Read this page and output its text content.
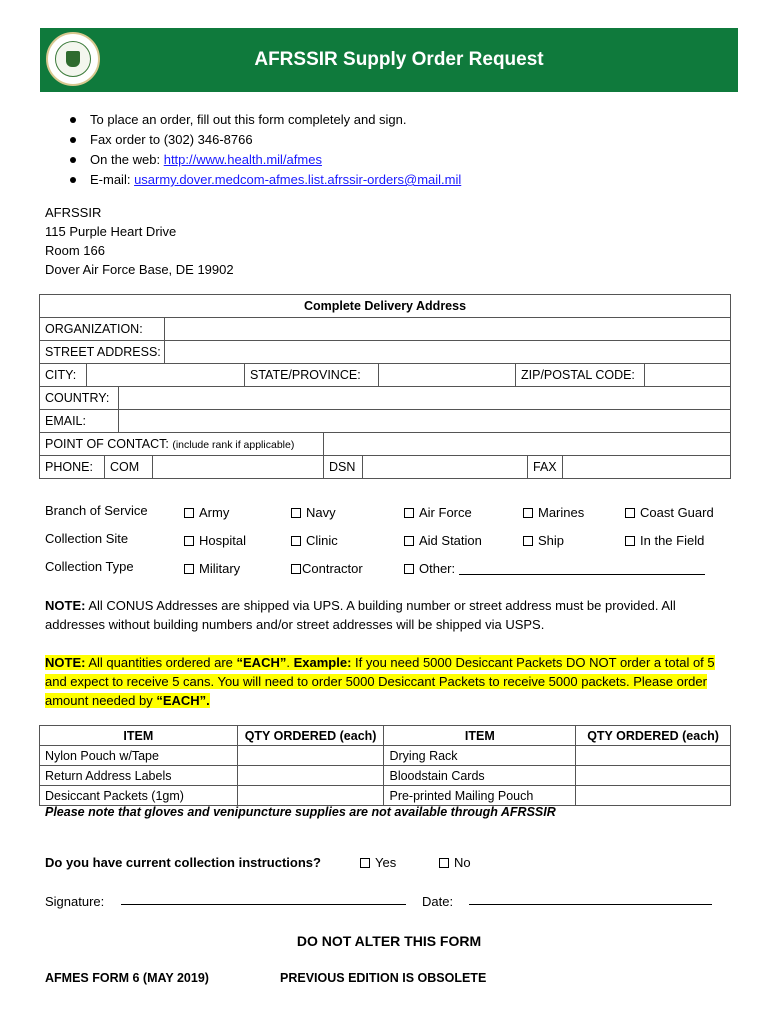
AFRSSIR Supply Order Request
To place an order, fill out this form completely and sign.
Fax order to (302) 346-8766
On the web: http://www.health.mil/afmes
E-mail: usarmy.dover.medcom-afmes.list.afrssir-orders@mail.mil
AFRSSIR
115 Purple Heart Drive
Room 166
Dover Air Force Base, DE 19902
Complete Delivery Address
ORGANIZATION:
STREET ADDRESS:
CITY:	STATE/PROVINCE:	ZIP/POSTAL CODE:
COUNTRY:
EMAIL:
POINT OF CONTACT: (include rank if applicable)
PHONE:	COM	DSN	FAX
Branch of Service	Army	Navy	Air Force	Marines	Coast Guard
Collection Site	Hospital	Clinic	Aid Station	Ship	In the Field
Collection Type	Military	Contractor	Other:
NOTE: All CONUS Addresses are shipped via UPS. A building number or street address must be provided. All addresses without building numbers and/or street addresses will be shipped via USPS.
NOTE: All quantities ordered are “EACH”. Example: If you need 5000 Desiccant Packets DO NOT order a total of 5 and expect to receive 5 cans. You will need to order 5000 Desiccant Packets to receive 5000 packets. Please order amount needed by “EACH”.
ITEM	QTY ORDERED (each)	ITEM	QTY ORDERED (each)
Nylon Pouch w/Tape		Drying Rack	
Return Address Labels		Bloodstain Cards	
Desiccant Packets (1gm)		Pre-printed Mailing Pouch	
Please note that gloves and venipuncture supplies are not available through AFRSSIR
Do you have current collection instructions?	Yes	No
Signature:	Date:
DO NOT ALTER THIS FORM
AFMES FORM 6 (MAY 2019)	PREVIOUS EDITION IS OBSOLETE
